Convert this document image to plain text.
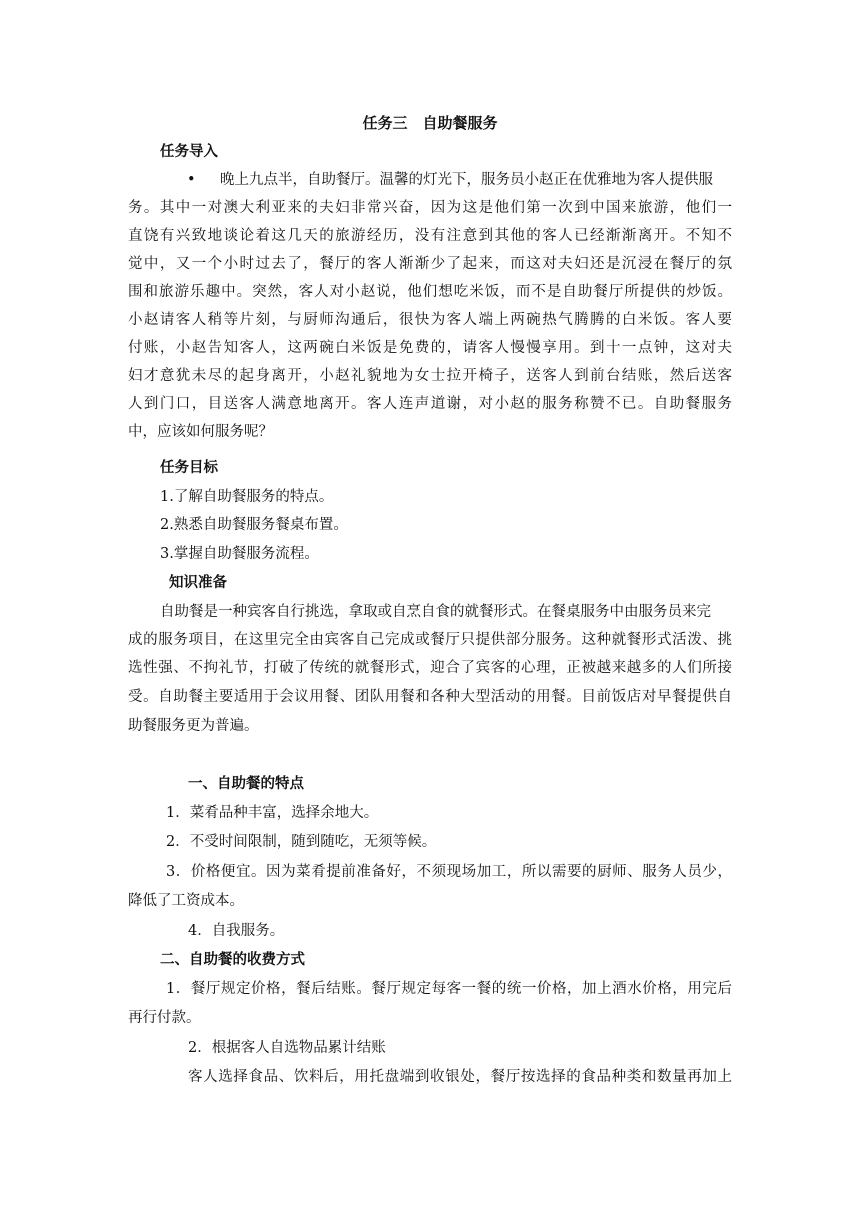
任务三　自助餐服务
任务导入
• 晚上九点半，自助餐厅。温馨的灯光下，服务员小赵正在优雅地为客人提供服
务。其中一对澳大利亚来的夫妇非常兴奋，因为这是他们第一次到中国来旅游，他们一
直饶有兴致地谈论着这几天的旅游经历，没有注意到其他的客人已经渐渐离开。不知不
觉中，又一个小时过去了，餐厅的客人渐渐少了起来，而这对夫妇还是沉浸在餐厅的氛
围和旅游乐趣中。突然，客人对小赵说，他们想吃米饭，而不是自助餐厅所提供的炒饭。
小赵请客人稍等片刻，与厨师沟通后，很快为客人端上两碗热气腾腾的白米饭。客人要
付账，小赵告知客人，这两碗白米饭是免费的，请客人慢慢享用。到十一点钟，这对夫
妇才意犹未尽的起身离开，小赵礼貌地为女士拉开椅子，送客人到前台结账，然后送客
人到门口，目送客人满意地离开。客人连声道谢，对小赵的服务称赞不已。自助餐服务
中，应该如何服务呢？
任务目标
1.了解自助餐服务的特点。
2.熟悉自助餐服务餐桌布置。
3.掌握自助餐服务流程。
知识准备
自助餐是一种宾客自行挑选，拿取或自烹自食的就餐形式。在餐桌服务中由服务员来完
成的服务项目，在这里完全由宾客自己完成或餐厅只提供部分服务。这种就餐形式活泼、挑
选性强、不拘礼节，打破了传统的就餐形式，迎合了宾客的心理，正被越来越多的人们所接
受。自助餐主要适用于会议用餐、团队用餐和各种大型活动的用餐。目前饭店对早餐提供自
助餐服务更为普遍。
一、自助餐的特点
1．菜肴品种丰富，选择余地大。
2．不受时间限制，随到随吃，无须等候。
3．价格便宜。因为菜肴提前准备好，不须现场加工，所以需要的厨师、服务人员少，
降低了工资成本。
4．自我服务。
二、自助餐的收费方式
1．餐厅规定价格，餐后结账。餐厅规定每客一餐的统一价格，加上酒水价格，用完后
再行付款。
2．根据客人自选物品累计结账
客人选择食品、饮料后，用托盘端到收银处，餐厅按选择的食品种类和数量再加上
